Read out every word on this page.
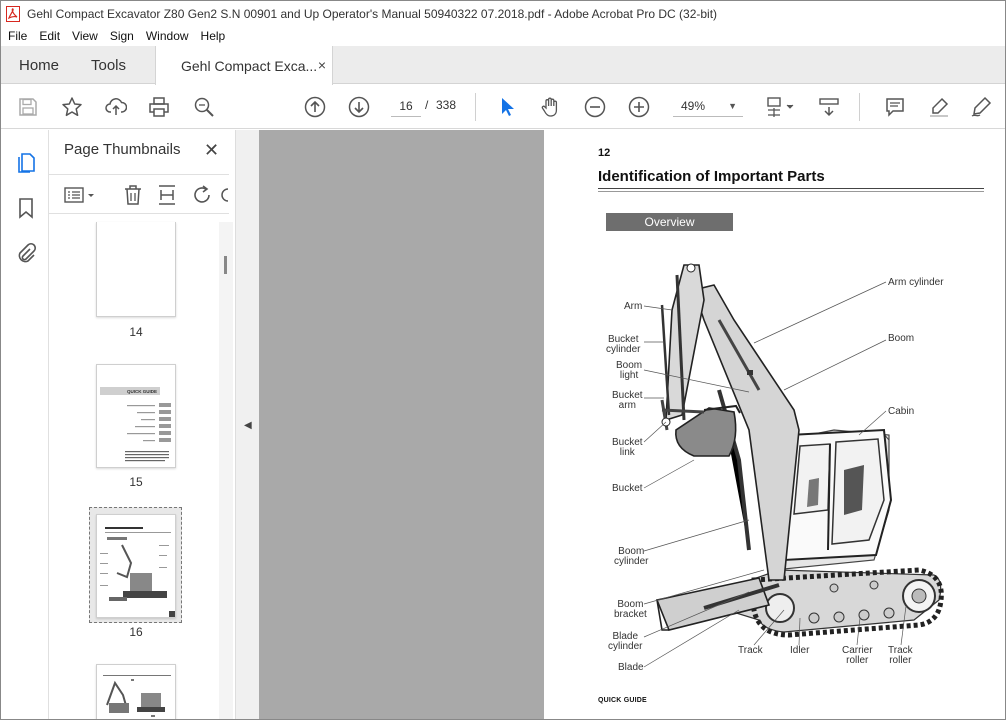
Gehl Compact Excavator Z80 Gen2 S.N 00901 and Up Operator's Manual 50940322 07.2018.pdf - Adobe Acrobat Pro DC (32-bit)
File	Edit	View	Sign	Window	Help
Home Tools	Gehl Compact Exca... ×
16	/ 338	49%	▼
Page Thumbnails ✕
14
QUICK GUIDE
15
16
◀
12
Identification of Important Parts
Overview
Arm
Arm cylinder
Bucket
cylinder
Boom
Boom
light
Cabin
Bucket
arm
Bucket
link
Bucket
Boom
cylinder
Boom
bracket
Blade
cylinder
Blade
Track	Idler	Carrier
roller
Track
roller
QUICK GUIDE
